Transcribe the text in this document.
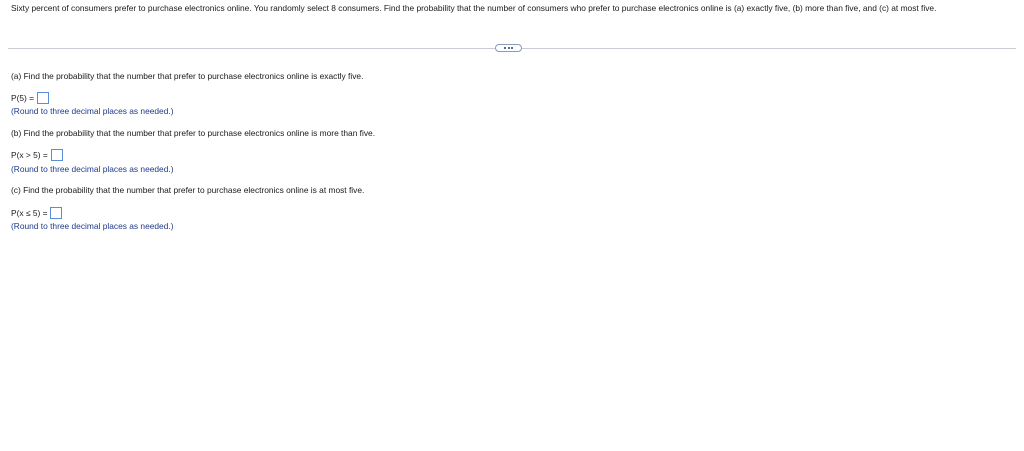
Sixty percent of consumers prefer to purchase electronics online. You randomly select 8 consumers. Find the probability that the number of consumers who prefer to purchase electronics online is (a) exactly five, (b) more than five, and (c) at most five.
(a) Find the probability that the number that prefer to purchase electronics online is exactly five.
P(5) =
(Round to three decimal places as needed.)
(b) Find the probability that the number that prefer to purchase electronics online is more than five.
P(x > 5) =
(Round to three decimal places as needed.)
(c) Find the probability that the number that prefer to purchase electronics online is at most five.
P(x ≤ 5) =
(Round to three decimal places as needed.)
